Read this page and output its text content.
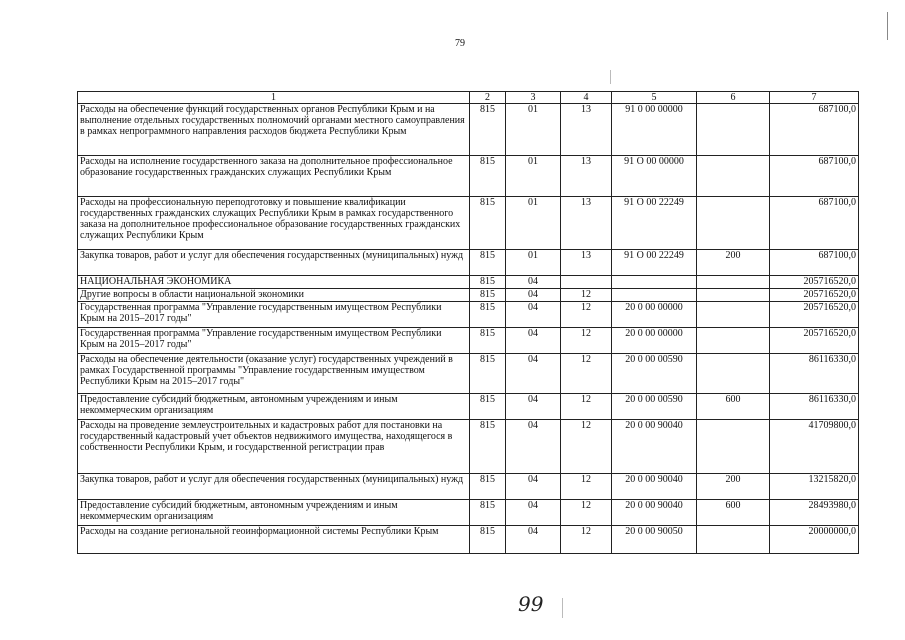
79
1	2	3	4	5	6	7
Расходы на обеспечение функций государственных органов Республики Крым и на выполнение отдельных государственных полномочий органами местного самоуправления в рамках непрограммного направления расходов бюджета Республики Крым	815	01	13	91 0 00 00000		687100,0
Расходы на исполнение государственного заказа на дополнительное профессиональное образование государственных гражданских служащих Республики Крым	815	01	13	91 О 00 00000		687100,0
Расходы на профессиональную переподготовку и повышение квалификации государственных гражданских служащих Республики Крым в рамках государственного заказа на дополнительное профессиональное образование государственных гражданских служащих Республики Крым	815	01	13	91 О 00 22249		687100,0
Закупка товаров, работ и услуг для обеспечения государственных (муниципальных) нужд	815	01	13	91 О 00 22249	200	687100,0
НАЦИОНАЛЬНАЯ ЭКОНОМИКА	815	04				205716520,0
Другие вопросы в области национальной экономики	815	04	12			205716520,0
Государственная программа "Управление государственным имуществом Республики Крым на 2015–2017 годы"	815	04	12	20 0 00 00000		205716520,0
Государственная программа "Управление государственным имуществом Республики Крым на 2015–2017 годы"	815	04	12	20 0 00 00000		205716520,0
Расходы на обеспечение деятельности (оказание услуг) государственных учреждений в рамках Государственной программы "Управление государственным имуществом Республики Крым на 2015–2017 годы"	815	04	12	20 0 00 00590		86116330,0
Предоставление субсидий бюджетным, автономным учреждениям и иным некоммерческим организациям	815	04	12	20 0 00 00590	600	86116330,0
Расходы на проведение землеустроительных и кадастровых работ для постановки на государственный кадастровый учет объектов недвижимого имущества, находящегося в собственности Республики Крым, и государственной регистрации прав	815	04	12	20 0 00 90040		41709800,0
Закупка товаров, работ и услуг для обеспечения государственных (муниципальных) нужд	815	04	12	20 0 00 90040	200	13215820,0
Предоставление субсидий бюджетным, автономным учреждениям и иным некоммерческим организациям	815	04	12	20 0 00 90040	600	28493980,0
Расходы на создание региональной геоинформационной системы Республики Крым	815	04	12	20 0 00 90050		20000000,0
99
